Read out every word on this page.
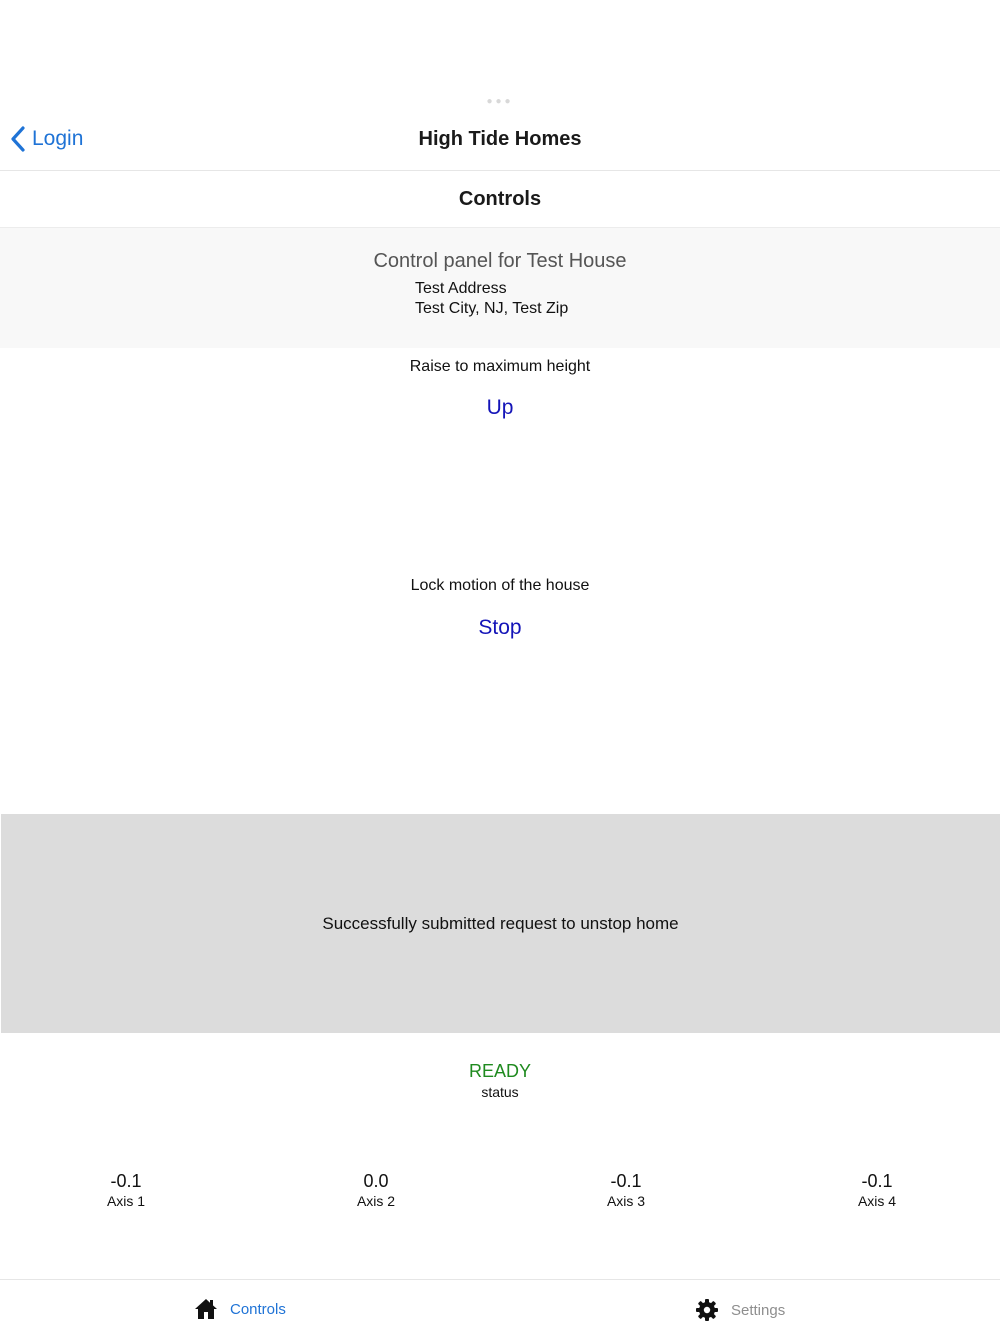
●●●
Login	High Tide Homes
Controls
Control panel for Test House
Test Address
Test City, NJ, Test Zip
Raise to maximum height
Up
Lock motion of the house
Stop
Successfully submitted request to unstop home
READY
status
-0.1
Axis 1
0.0
Axis 2
-0.1
Axis 3
-0.1
Axis 4
Controls	Settings
